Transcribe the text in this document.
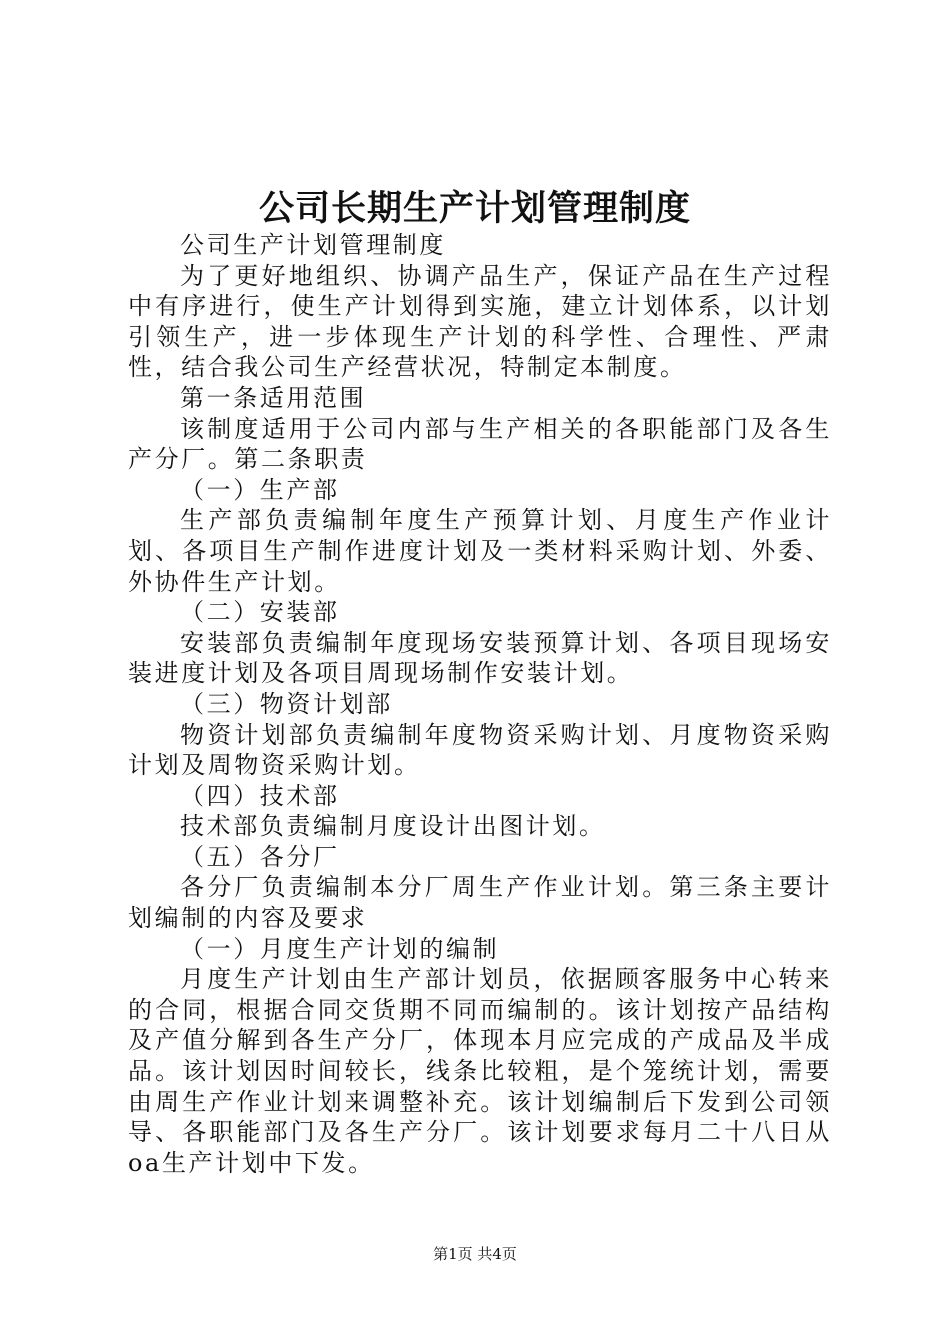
公司长期生产计划管理制度

公司生产计划管理制度

为了更好地组织、协调产品生产，保证产品在生产过程中有序进行，使生产计划得到实施，建立计划体系，以计划引领生产，进一步体现生产计划的科学性、合理性、严肃性，结合我公司生产经营状况，特制定本制度。

第一条适用范围

该制度适用于公司内部与生产相关的各职能部门及各生产分厂。第二条职责

（一）生产部

生产部负责编制年度生产预算计划、月度生产作业计划、各项目生产制作进度计划及一类材料采购计划、外委、外协件生产计划。

（二）安装部

安装部负责编制年度现场安装预算计划、各项目现场安装进度计划及各项目周现场制作安装计划。

（三）物资计划部

物资计划部负责编制年度物资采购计划、月度物资采购计划及周物资采购计划。

（四）技术部

技术部负责编制月度设计出图计划。

（五）各分厂

各分厂负责编制本分厂周生产作业计划。第三条主要计划编制的内容及要求

（一）月度生产计划的编制

月度生产计划由生产部计划员，依据顾客服务中心转来的合同，根据合同交货期不同而编制的。该计划按产品结构及产值分解到各生产分厂，体现本月应完成的产成品及半成品。该计划因时间较长，线条比较粗，是个笼统计划，需要由周生产作业计划来调整补充。该计划编制后下发到公司领导、各职能部门及各生产分厂。该计划要求每月二十八日从oa生产计划中下发。

第1页 共4页
